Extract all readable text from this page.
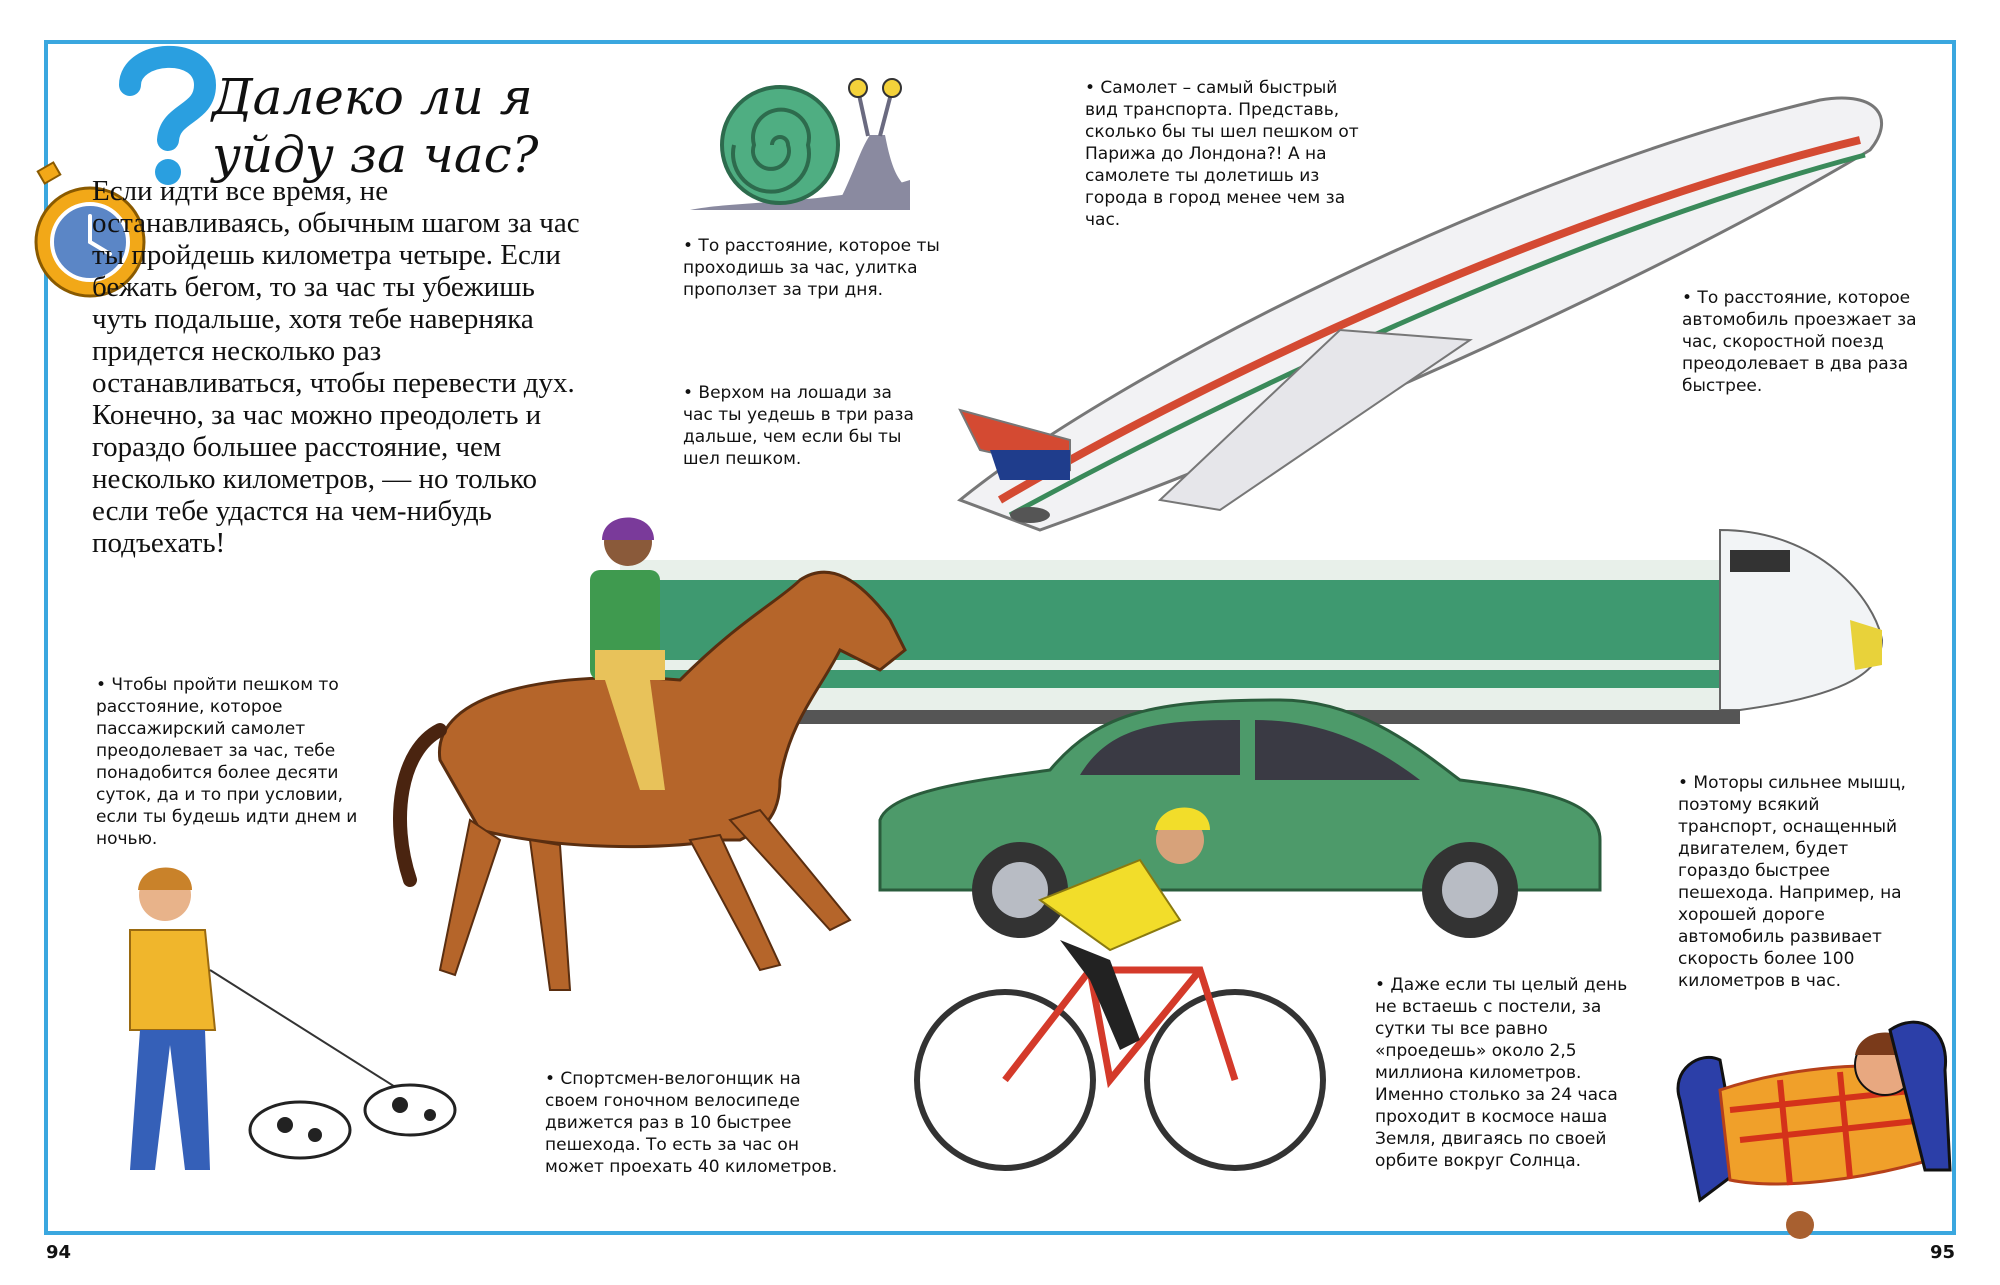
Далеко ли я уйду за час?
Если идти все время, не останавливаясь, обычным шагом за час ты пройдешь километра четыре. Если бежать бегом, то за час ты убежишь чуть подальше, хотя тебе наверняка придется несколько раз останавливаться, чтобы перевести дух. Конечно, за час можно преодолеть и гораздо большее расстояние, чем несколько километров, — но только если тебе удастся на чем-нибудь подъехать!
• То расстояние, которое ты проходишь за час, улитка проползет за три дня.
• Самолет – самый быстрый вид транспорта. Представь, сколько бы ты шел пешком от Парижа до Лондона?! А на самолете ты долетишь из города в город менее чем за час.
• То расстояние, которое автомобиль проезжает за час, скоростной поезд преодолевает в два раза быстрее.
• Верхом на лошади за час ты уедешь в три раза дальше, чем если бы ты шел пешком.
• Чтобы пройти пешком то расстояние, которое пассажирский самолет преодолевает за час, тебе понадобится более десяти суток, да и то при условии, если ты будешь идти днем и ночью.
• Моторы сильнее мышц, поэтому всякий транспорт, оснащенный двигателем, будет гораздо быстрее пешехода. Например, на хорошей дороге автомобиль развивает скорость более 100 километров в час.
• Спортсмен-велогонщик на своем гоночном велосипеде движется раз в 10 быстрее пешехода. То есть за час он может проехать 40 километров.
• Даже если ты целый день не встаешь с постели, за сутки ты все равно «проедешь» около 2,5 миллиона километров. Именно столько за 24 часа проходит в космосе наша Земля, двигаясь по своей орбите вокруг Солнца.
94	95
